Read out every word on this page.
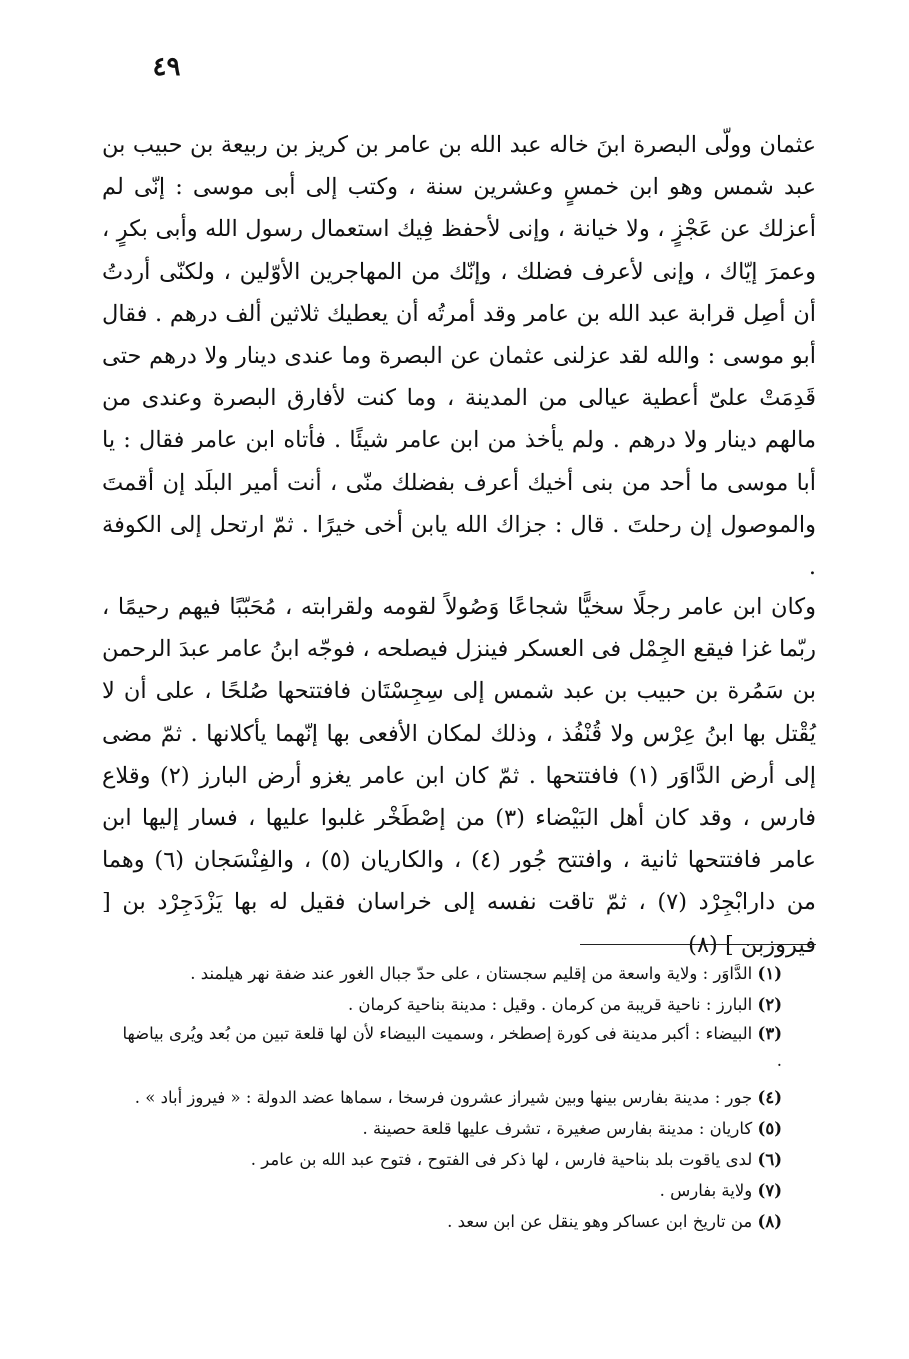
٤٩

عثمان وولّى البصرة ابنَ خاله عبد الله بن عامر بن كريز بن ربيعة بن حبيب بن عبد شمس وهو ابن خمسٍ وعشرين سنة ، وكتب إلى أبى موسى : إنّى لم أعزلك عن عَجْزٍ ، ولا خيانة ، وإنى لأحفظ فِيك استعمال رسول الله وأبى بكرٍ ، وعمرَ إيّاك ، وإنى لأعرف فضلك ، وإنّك من المهاجرين الأوّلين ، ولكنّى أردتُ أن أصِل قرابة عبد الله بن عامر وقد أمرتُه أن يعطيك ثلاثين ألف درهم . فقال أبو موسى : والله لقد عزلنى عثمان عن البصرة وما عندى دينار ولا درهم حتى قَدِمَتْ علىّ أعطية عيالى من المدينة ، وما كنت لأفارق البصرة وعندى من مالهم دينار ولا درهم . ولم يأخذ من ابن عامر شيئًا . فأتاه ابن عامر فقال : يا أبا موسى ما أحد من بنى أخيك أعرف بفضلك منّى ، أنت أمير البلَد إن أقمتَ والموصول إن رحلتَ . قال : جزاك الله يابن أخى خيرًا . ثمّ ارتحل إلى الكوفة .

وكان ابن عامر رجلًا سخيًّا شجاعًا وَصُولاً لقومه ولقرابته ، مُحَبّبًا فيهم رحيمًا ، ربّما غزا فيقع الجِمْل فى العسكر فينزل فيصلحه ، فوجّه ابنُ عامر عبدَ الرحمن بن سَمُرة بن حبيب بن عبد شمس إلى سِجِسْتَان فافتتحها صُلحًا ، على أن لا يُقْتل بها ابنُ عِرْس ولا قُنْفُذ ، وذلك لمكان الأفعى بها إنّهما يأكلانها . ثمّ مضى إلى أرض الدَّاوَر (١) فافتتحها . ثمّ كان ابن عامر يغزو أرض البارز (٢) وقلاع فارس ، وقد كان أهل البَيْضاء (٣) من إصْطَخْر غلبوا عليها ، فسار إليها ابن عامر فافتتحها ثانية ، وافتتح جُور (٤) ، والكاريان (٥) ، والفِنْسَجان (٦) وهما من دارابْجِرْد (٧) ، ثمّ تاقت نفسه إلى خراسان فقيل له بها يَزْدَجِرْد بن [ فيروزبن ] (٨)

(١) الدَّاوَر : ولاية واسعة من إقليم سجستان ، على حدّ جبال الغور عند ضفة نهر هيلمند .
(٢) البارز : ناحية قريبة من كرمان . وقيل : مدينة بناحية كرمان .
(٣) البيضاء : أكبر مدينة فى كورة إصطخر ، وسميت البيضاء لأن لها قلعة تبين من بُعد ويُرى بياضها .
(٤) جور : مدينة بفارس بينها وبين شيراز عشرون فرسخا ، سماها عضد الدولة : « فيروز أباد » .
(٥) كاريان : مدينة بفارس صغيرة ، تشرف عليها قلعة حصينة .
(٦) لدى ياقوت بلد بناحية فارس ، لها ذكر فى الفتوح ، فتوح عبد الله بن عامر .
(٧) ولاية بفارس .
(٨) من تاريخ ابن عساكر وهو ينقل عن ابن سعد .
